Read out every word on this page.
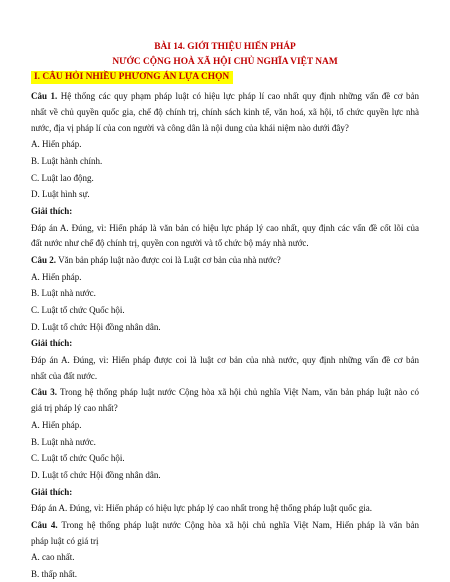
BÀI 14. GIỚI THIỆU HIẾN PHÁP
NƯỚC CỘNG HOÀ XÃ HỘI CHỦ NGHĨA VIỆT NAM
I. CÂU HỎI NHIỀU PHƯƠNG ÁN LỰA CHỌN
Câu 1. Hệ thống các quy phạm pháp luật có hiệu lực pháp lí cao nhất quy định những vấn đề cơ bản
nhất về chủ quyền quốc gia, chế độ chính trị, chính sách kinh tế, văn hoá, xã hội, tổ chức quyền lực nhà
nước, địa vị pháp lí của con người và công dân là nội dung của khái niệm nào dưới đây?
A. Hiến pháp.
B. Luật hành chính.
C. Luật lao động.
D. Luật hình sự.
Giải thích:
Đáp án A. Đúng, vì: Hiến pháp là văn bản có hiệu lực pháp lý cao nhất, quy định các vấn đề cốt lõi của
đất nước như chế độ chính trị, quyền con người và tổ chức bộ máy nhà nước.
Câu 2. Văn bản pháp luật nào được coi là Luật cơ bản của nhà nước?
A. Hiến pháp.
B. Luật nhà nước.
C. Luật tổ chức Quốc hội.
D. Luật tổ chức Hội đồng nhân dân.
Giải thích:
Đáp án A. Đúng, vì: Hiến pháp được coi là luật cơ bản của nhà nước, quy định những vấn đề cơ bản
nhất của đất nước.
Câu 3. Trong hệ thống pháp luật nước Cộng hòa xã hội chủ nghĩa Việt Nam, văn bản pháp luật nào có
giá trị pháp lý cao nhất?
A. Hiến pháp.
B. Luật nhà nước.
C. Luật tổ chức Quốc hội.
D. Luật tổ chức Hội đồng nhân dân.
Giải thích:
Đáp án A. Đúng, vì: Hiến pháp có hiệu lực pháp lý cao nhất trong hệ thống pháp luật quốc gia.
Câu 4. Trong hệ thống pháp luật nước Cộng hòa xã hội chủ nghĩa Việt Nam, Hiến pháp là văn bản
pháp luật có giá trị
A. cao nhất.
B. thấp nhất.
